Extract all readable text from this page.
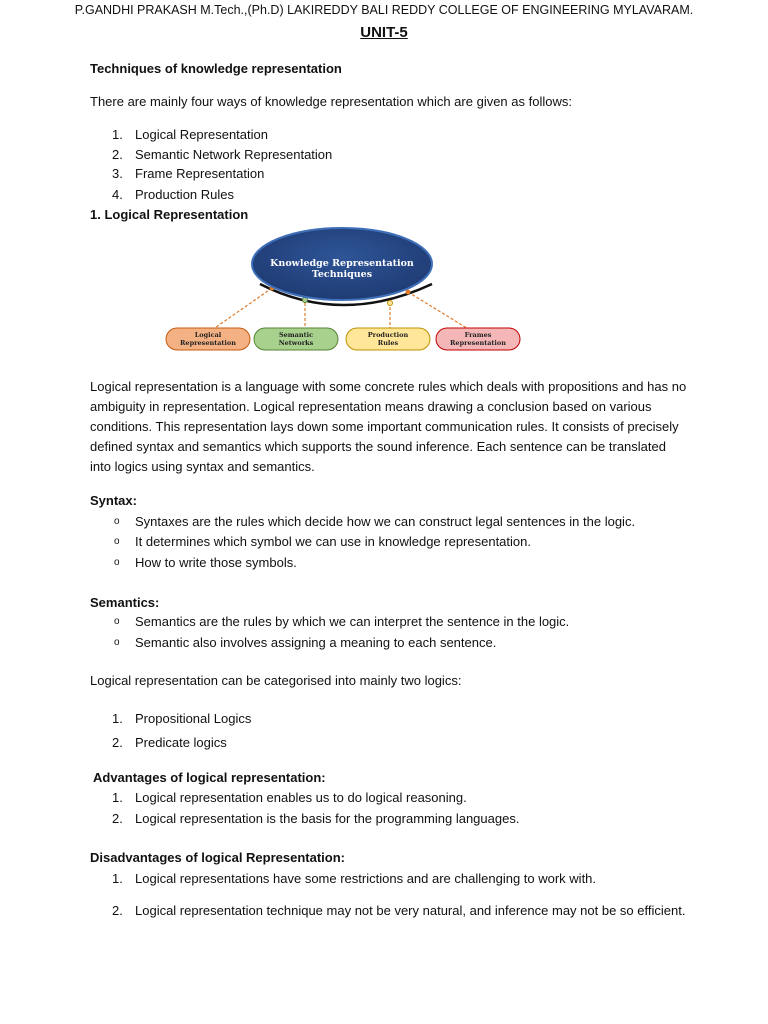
P.GANDHI PRAKASH M.Tech.,(Ph.D) LAKIREDDY BALI REDDY COLLEGE OF ENGINEERING MYLAVARAM.

UNIT-5

Techniques of knowledge representation

There are mainly four ways of knowledge representation which are given as follows:

1. Logical Representation

2. Semantic Network Representation

3. Frame Representation

4. Production Rules

1. Logical Representation

Knowledge Representation
Techniques
Logical
Representation
Semantic
Networks
Production
Rules
Frames
Representation

Logical representation is a language with some concrete rules which deals with propositions and has no ambiguity in representation. Logical representation means drawing a conclusion based on various conditions. This representation lays down some important communication rules. It consists of precisely defined syntax and semantics which supports the sound inference. Each sentence can be translated into logics using syntax and semantics.

Syntax:

o Syntaxes are the rules which decide how we can construct legal sentences in the logic.

o It determines which symbol we can use in knowledge representation.

o How to write those symbols.

Semantics:

o Semantics are the rules by which we can interpret the sentence in the logic.

o Semantic also involves assigning a meaning to each sentence.

Logical representation can be categorised into mainly two logics:

1. Propositional Logics

2. Predicate logics

Advantages of logical representation:

1. Logical representation enables us to do logical reasoning.

2. Logical representation is the basis for the programming languages.

Disadvantages of logical Representation:

1. Logical representations have some restrictions and are challenging to work with.

2. Logical representation technique may not be very natural, and inference may not be so efficient.
